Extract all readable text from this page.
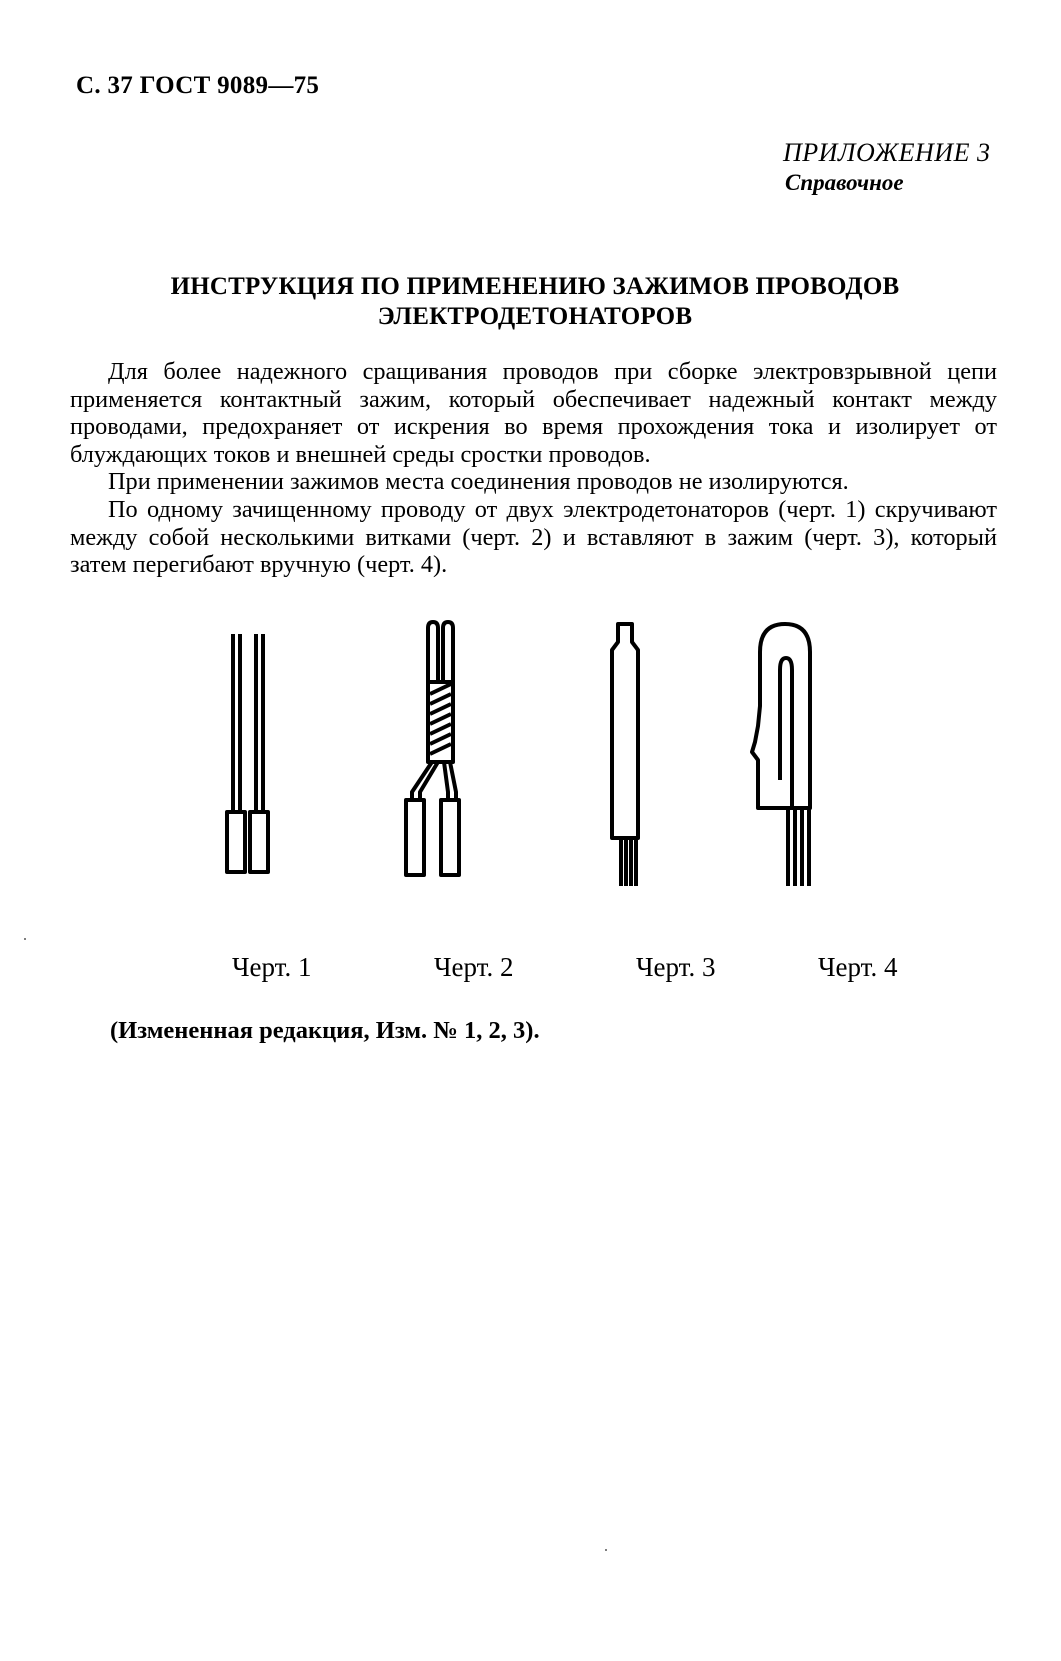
С. 37 ГОСТ 9089—75
ПРИЛОЖЕНИЕ 3
Справочное
ИНСТРУКЦИЯ ПО ПРИМЕНЕНИЮ ЗАЖИМОВ ПРОВОДОВ
ЭЛЕКТРОДЕТОНАТОРОВ

Для более надежного сращивания проводов при сборке электровзрывной цепи применяется контактный зажим, который обеспечивает надежный контакт между проводами, предохраняет от искрения во время прохождения тока и изолирует от блуждающих токов и внешней среды сростки проводов.

При применении зажимов места соединения проводов не изолируются.

По одному зачищенному проводу от двух электродетонаторов (черт. 1) скручивают между собой несколькими витками (черт. 2) и вставляют в зажим (черт. 3), который затем перегибают вручную (черт. 4).

Черт. 1	Черт. 2	Черт. 3	Черт. 4
(Измененная редакция, Изм. № 1, 2, 3).
